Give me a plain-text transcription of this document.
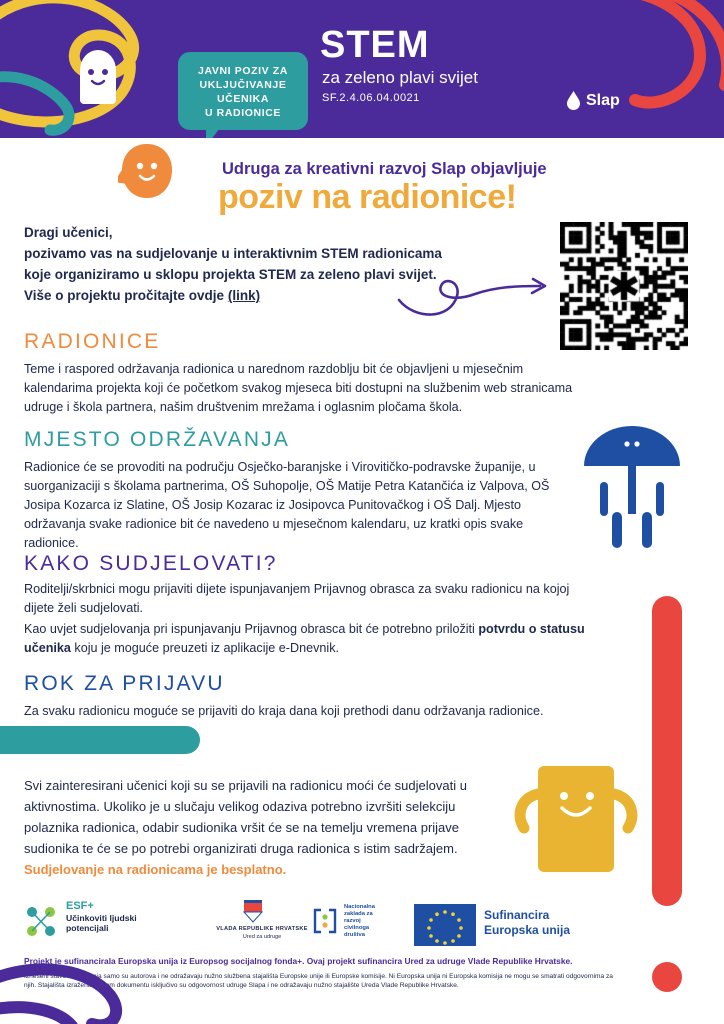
JAVNI POZIV ZA
UKLJUČIVANJE
UČENIKA
U RADIONICE
STEM
za zeleno plavi svijet
SF.2.4.06.04.0021	Slap
Udruga za kreativni razvoj Slap objavljuje
poziv na radionice!
Dragi učenici,
pozivamo vas na sudjelovanje u interaktivnim STEM radionicama
koje organiziramo u sklopu projekta STEM za zeleno plavi svijet.
Više o projektu pročitajte ovdje (link)
RADIONICE
Teme i raspored održavanja radionica u narednom razdoblju bit će objavljeni u mjesečnim kalendarima projekta koji će početkom svakog mjeseca biti dostupni na službenim web stranicama udruge i škola partnera, našim društvenim mrežama i oglasnim pločama škola.
MJESTO ODRŽAVANJA
Radionice će se provoditi na području Osječko-baranjske i Virovitičko-podravske županije, u suorganizaciji s školama partnerima, OŠ Suhopolje, OŠ Matije Petra Katančića iz Valpova, OŠ Josipa Kozarca iz Slatine, OŠ Josip Kozarac iz Josipovca Punitovačkog i OŠ Dalj. Mjesto održavanja svake radionice bit će navedeno u mjesečnom kalendaru, uz kratki opis svake radionice.
KAKO SUDJELOVATI?
Roditelji/skrbnici mogu prijaviti dijete ispunjavanjem Prijavnog obrasca za svaku radionicu na kojoj dijete želi sudjelovati.
Kao uvjet sudjelovanja pri ispunjavanju Prijavnog obrasca bit će potrebno priložiti potvrdu o statusu učenika koju je moguće preuzeti iz aplikacije e-Dnevnik.
ROK ZA PRIJAVU
Za svaku radionicu moguće se prijaviti do kraja dana koji prethodi danu održavanja radionice.
Svi zainteresirani učenici koji su se prijavili na radionicu moći će sudjelovati u aktivnostima. Ukoliko je u slučaju velikog odaziva potrebno izvršiti selekciju polaznika radionica, odabir sudionika vršit će se na temelju vremena prijave sudionika te će se po potrebi organizirati druga radionica s istim sadržajem. Sudjelovanje na radionicama je besplatno.
ESF+
Učinkoviti ljudski
potencijali	VLADA REPUBLIKE HRVATSKE
Ured za udruge
Nacionalna
zaklada za
razvoj
civilnoga
društva
Sufinancira
Europska unija
Projekt je sufinancirala Europska unija iz Europsog socijalnog fonda+. Ovaj projekt sufinancira Ured za udruge Vlade Republike Hrvatske.
Izneseni stavovi i mišljenja samo su autorova i ne odražavaju nužno službena stajališta Europske unije ili Europske komisije. Ni Europska unija ni Europska komisija ne mogu se smatrati odgovornima za njih. Stajališta izražena u ovom dokumentu isključivo su odgovornost udruge Slapa i ne odražavaju nužno stajalište Ureda Vlade Republike Hrvatske.
